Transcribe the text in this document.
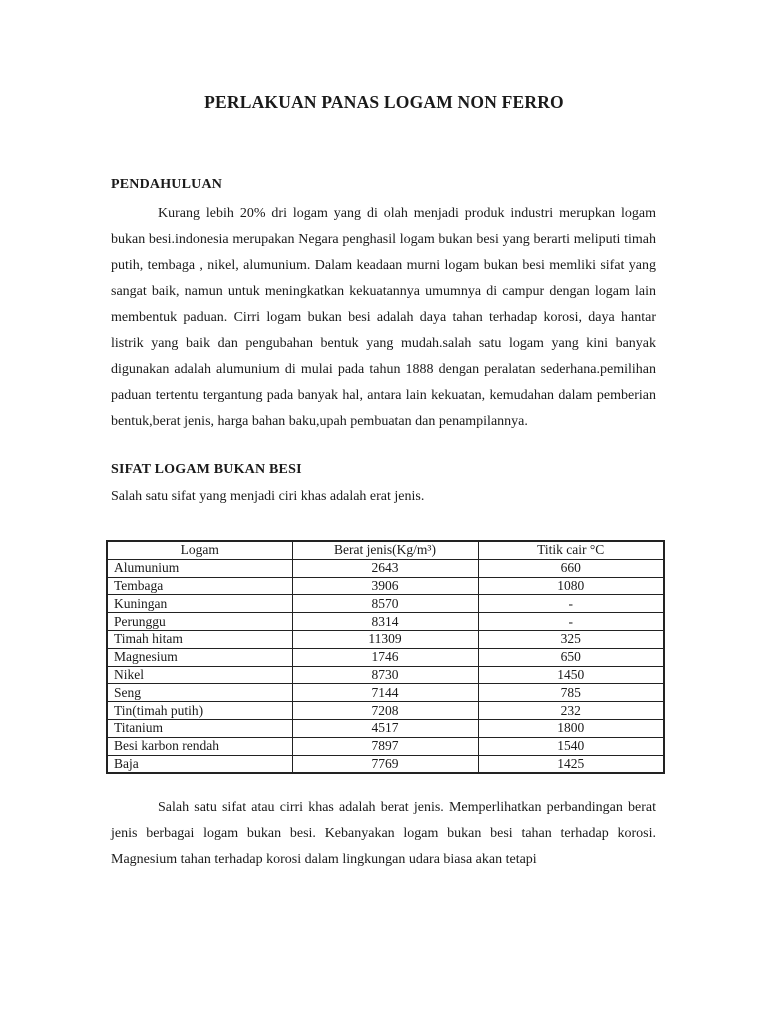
PERLAKUAN PANAS LOGAM NON FERRO
PENDAHULUAN

Kurang lebih 20% dri logam yang di olah menjadi produk industri merupkan logam bukan besi.indonesia merupakan Negara penghasil logam bukan besi yang berarti meliputi timah putih, tembaga , nikel, alumunium. Dalam keadaan murni logam bukan besi memliki sifat yang sangat baik, namun untuk meningkatkan kekuatannya umumnya di campur dengan logam lain membentuk paduan. Cirri logam bukan besi adalah daya tahan terhadap korosi, daya hantar listrik yang baik dan pengubahan bentuk yang mudah.salah satu logam yang kini banyak digunakan adalah alumunium di mulai pada tahun 1888 dengan peralatan sederhana.pemilihan paduan tertentu tergantung pada banyak hal, antara lain kekuatan, kemudahan dalam pemberian bentuk,berat jenis, harga bahan baku,upah pembuatan dan penampilannya.

SIFAT LOGAM BUKAN BESI

Salah satu sifat yang menjadi ciri khas adalah erat jenis.

Logam	Berat jenis(Kg/m³)	Titik cair °C
Alumunium	2643	660
Tembaga	3906	1080
Kuningan	8570	-
Perunggu	8314	-
Timah hitam	11309	325
Magnesium	1746	650
Nikel	8730	1450
Seng	7144	785
Tin(timah putih)	7208	232
Titanium	4517	1800
Besi karbon rendah	7897	1540
Baja	7769	1425

Salah satu sifat atau cirri khas adalah berat jenis. Memperlihatkan perbandingan berat jenis berbagai logam bukan besi. Kebanyakan logam bukan besi tahan terhadap korosi. Magnesium tahan terhadap korosi dalam lingkungan udara biasa akan tetapi
